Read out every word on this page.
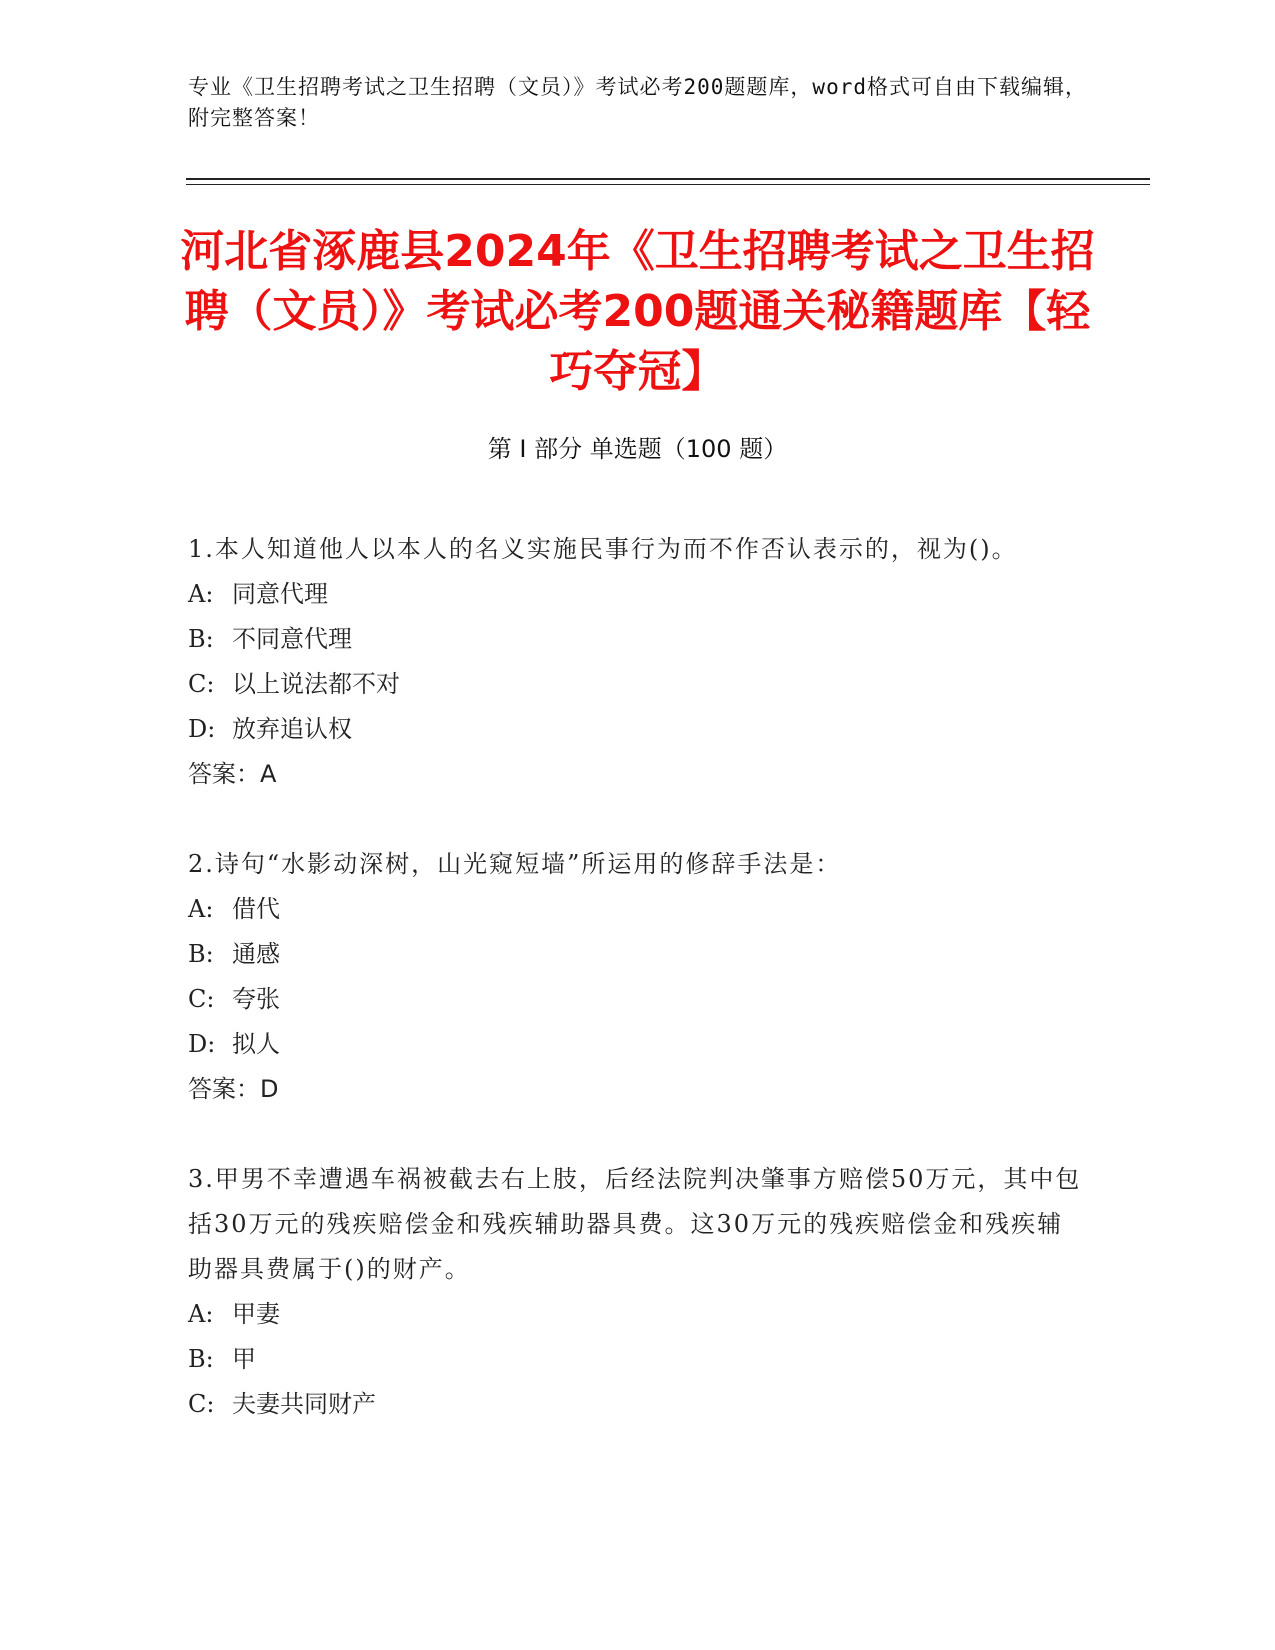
专业《卫生招聘考试之卫生招聘（文员）》考试必考200题题库，word格式可自由下载编辑，附完整答案！
河北省涿鹿县2024年《卫生招聘考试之卫生招聘（文员）》考试必考200题通关秘籍题库【轻巧夺冠】
第 I 部分 单选题（100 题）

1.本人知道他人以本人的名义实施民事行为而不作否认表示的，视为()。

A: 同意代理

B: 不同意代理

C: 以上说法都不对

D: 放弃追认权

答案：A

2.诗句“水影动深树，山光窥短墙”所运用的修辞手法是：

A: 借代

B: 通感

C: 夸张

D: 拟人

答案：D

3.甲男不幸遭遇车祸被截去右上肢，后经法院判决肇事方赔偿50万元，其中包括30万元的残疾赔偿金和残疾辅助器具费。这30万元的残疾赔偿金和残疾辅助器具费属于()的财产。

A: 甲妻

B: 甲

C: 夫妻共同财产
